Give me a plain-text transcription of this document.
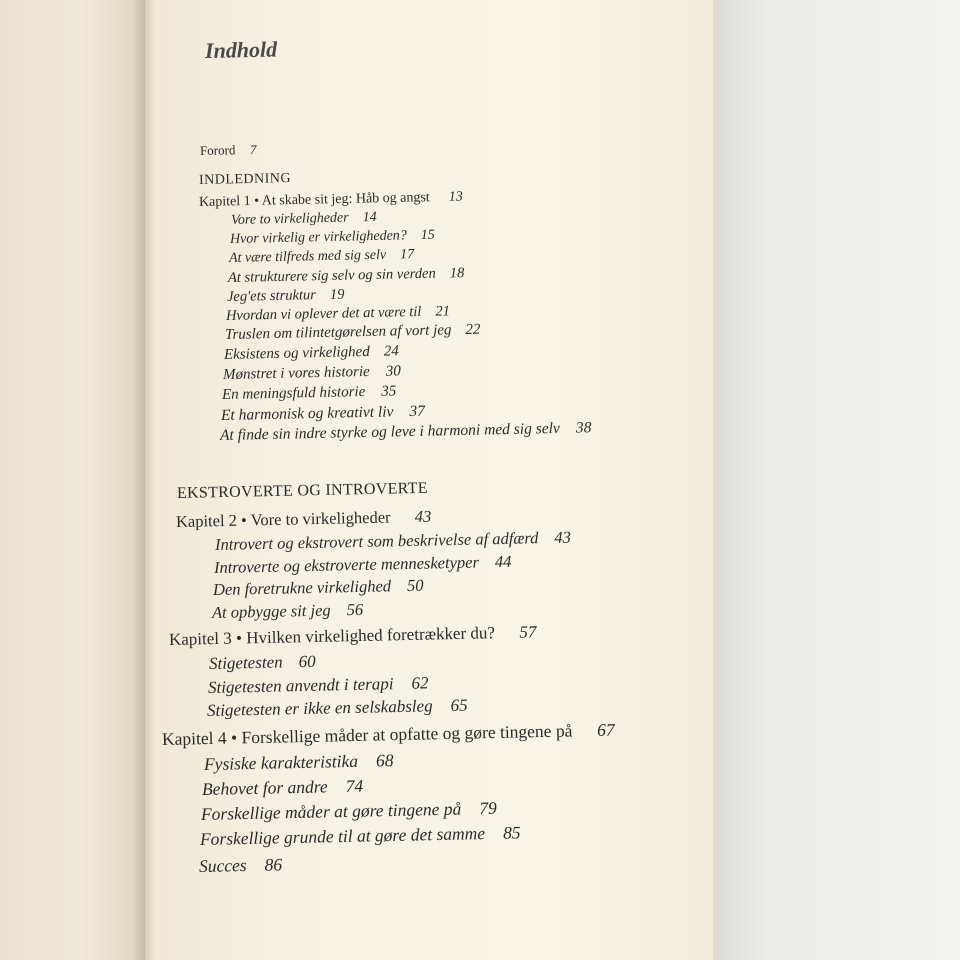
Indhold
Forord 7
INDLEDNING
Kapitel 1 • At skabe sit jeg: Håb og angst 13
Vore to virkeligheder 14
Hvor virkelig er virkeligheden? 15
At være tilfreds med sig selv 17
At strukturere sig selv og sin verden 18
Jeg'ets struktur 19
Hvordan vi oplever det at være til 21
Truslen om tilintetgørelsen af vort jeg 22
Eksistens og virkelighed 24
Mønstret i vores historie 30
En meningsfuld historie 35
Et harmonisk og kreativt liv 37
At finde sin indre styrke og leve i harmoni med sig selv 38
EKSTROVERTE OG INTROVERTE
Kapitel 2 • Vore to virkeligheder 43
Introvert og ekstrovert som beskrivelse af adfærd 43
Introverte og ekstroverte mennesketyper 44
Den foretrukne virkelighed 50
At opbygge sit jeg 56
Kapitel 3 • Hvilken virkelighed foretrækker du? 57
Stigetesten 60
Stigetesten anvendt i terapi 62
Stigetesten er ikke en selskabsleg 65
Kapitel 4 • Forskellige måder at opfatte og gøre tingene på 67
Fysiske karakteristika 68
Behovet for andre 74
Forskellige måder at gøre tingene på 79
Forskellige grunde til at gøre det samme 85
Succes 86
